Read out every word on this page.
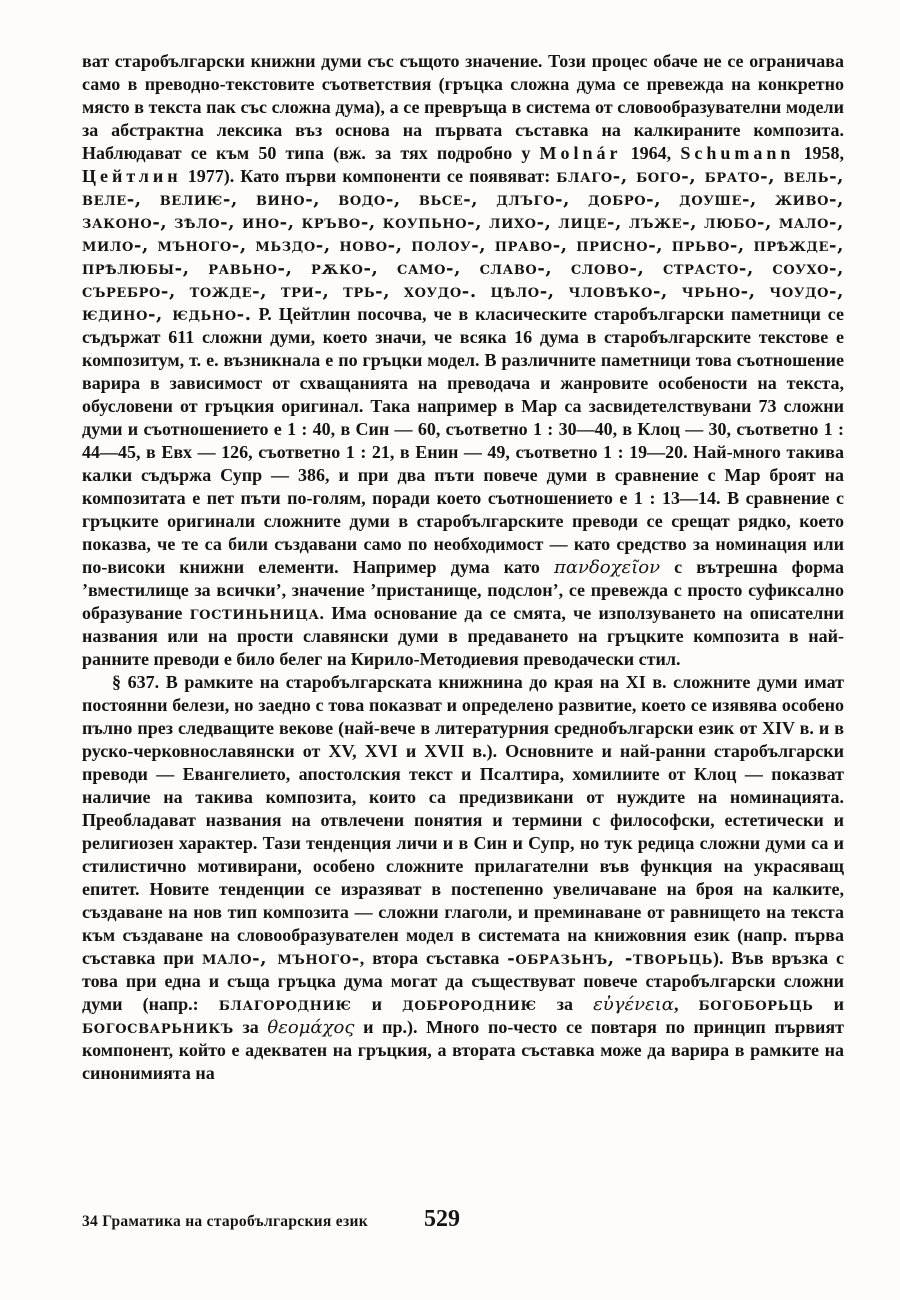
ват старобългарски книжни думи със същото значение. Този процес обаче не се ограничава само в преводно-текстовите съответствия (гръцка сложна дума се превежда на конкретно място в текста пак със сложна дума), а се превръща в система от словообразувателни модели за абстрактна лексика въз основа на първата съставка на калкираните композита. Наблюдават се към 50 типа (вж. за тях подробно у Molnár 1964, Schumann 1958, Цейтлин 1977). Като първи компоненти се появяват: благо-, бого-, брато-, вель-, веле-, велиѥ-, вино-, водо-, вьсе-, длъго-, добро-, доуше-, живо-, законо-, зѣло-, ино-, кръво-, коупьно-, лихо-, лице-, лъже-, любо-, мало-, мило-, мъного-, мьздо-, ново-, полоу-, право-, присно-, прьво-, прѣжде-, прѣлюбы-, равьно-, рѫко-, само-, славо-, слово-, страсто-, соухо-, съребро-, тожде-, три-, трь-, хоудо-. цѣло-, чловѣко-, чрьно-, чоудо-, ѥдино-, ѥдьно-. Р. Цейтлин посочва, че в класическите старобългарски паметници се съдържат 611 сложни думи, което значи, че всяка 16 дума в старобългарските текстове е композитум, т. е. възникнала е по гръцки модел. В различните паметници това съотношение варира в зависимост от схващанията на преводача и жанровите особености на текста, обусловени от гръцкия оригинал. Така например в Мар са засвидетелствувани 73 сложни думи и съотношението е 1 : 40, в Син — 60, съответно 1 : 30—40, в Клоц — 30, съответно 1 : 44—45, в Евх — 126, съответно 1 : 21, в Енин — 49, съответно 1 : 19—20. Най-много такива калки съдържа Супр — 386, и при два пъти повече думи в сравнение с Мар броят на композитата е пет пъти по-голям, поради което съотношението е 1 : 13—14. В сравнение с гръцките оригинали сложните думи в старобългарските преводи се срещат рядко, което показва, че те са били създавани само по необходимост — като средство за номинация или по-високи книжни елементи. Например дума като πανδοχεῖον с вътрешна форма ’вместилище за всички’, значение ’пристанище, подслон’, се превежда с просто суфиксално образувание гостиньница. Има основание да се смята, че използуването на описателни названия или на прости славянски думи в предаването на гръцките композита в най-ранните преводи е било белег на Кирило-Методиевия преводачески стил.

§ 637. В рамките на старобългарската книжнина до края на XI в. сложните думи имат постоянни белези, но заедно с това показват и определено развитие, което се изявява особено пълно през следващите векове (най-вече в литературния среднобългарски език от XIV в. и в руско-черковнославянски от XV, XVI и XVII в.). Основните и най-ранни старобългарски преводи — Евангелието, апостолския текст и Псалтира, хомилиите от Клоц — показват наличие на такива композита, които са предизвикани от нуждите на номинацията. Преобладават названия на отвлечени понятия и термини с философски, естетически и религиозен характер. Тази тенденция личи и в Син и Супр, но тук редица сложни думи са и стилистично мотивирани, особено сложните прилагателни във функция на украсяващ епитет. Новите тенденции се изразяват в постепенно увеличаване на броя на калките, създаване на нов тип композита — сложни глаголи, и преминаване от равнището на текста към създаване на словообразувателен модел в системата на книжовния език (напр. първа съставка при мало-, мъного-, втора съставка -образьнъ, -творьць). Във връзка с това при една и съща гръцка дума могат да съществуват повече старобългарски сложни думи (напр.: благородниѥ и доброродниѥ за εὐγένεια, богоборьць и богосварьникъ за θεομάχος и пр.). Много по-често се повтаря по принцип първият компонент, който е адекватен на гръцкия, а втората съставка може да варира в рамките на синонимията на

34 Граматика на старобългарския език 529
